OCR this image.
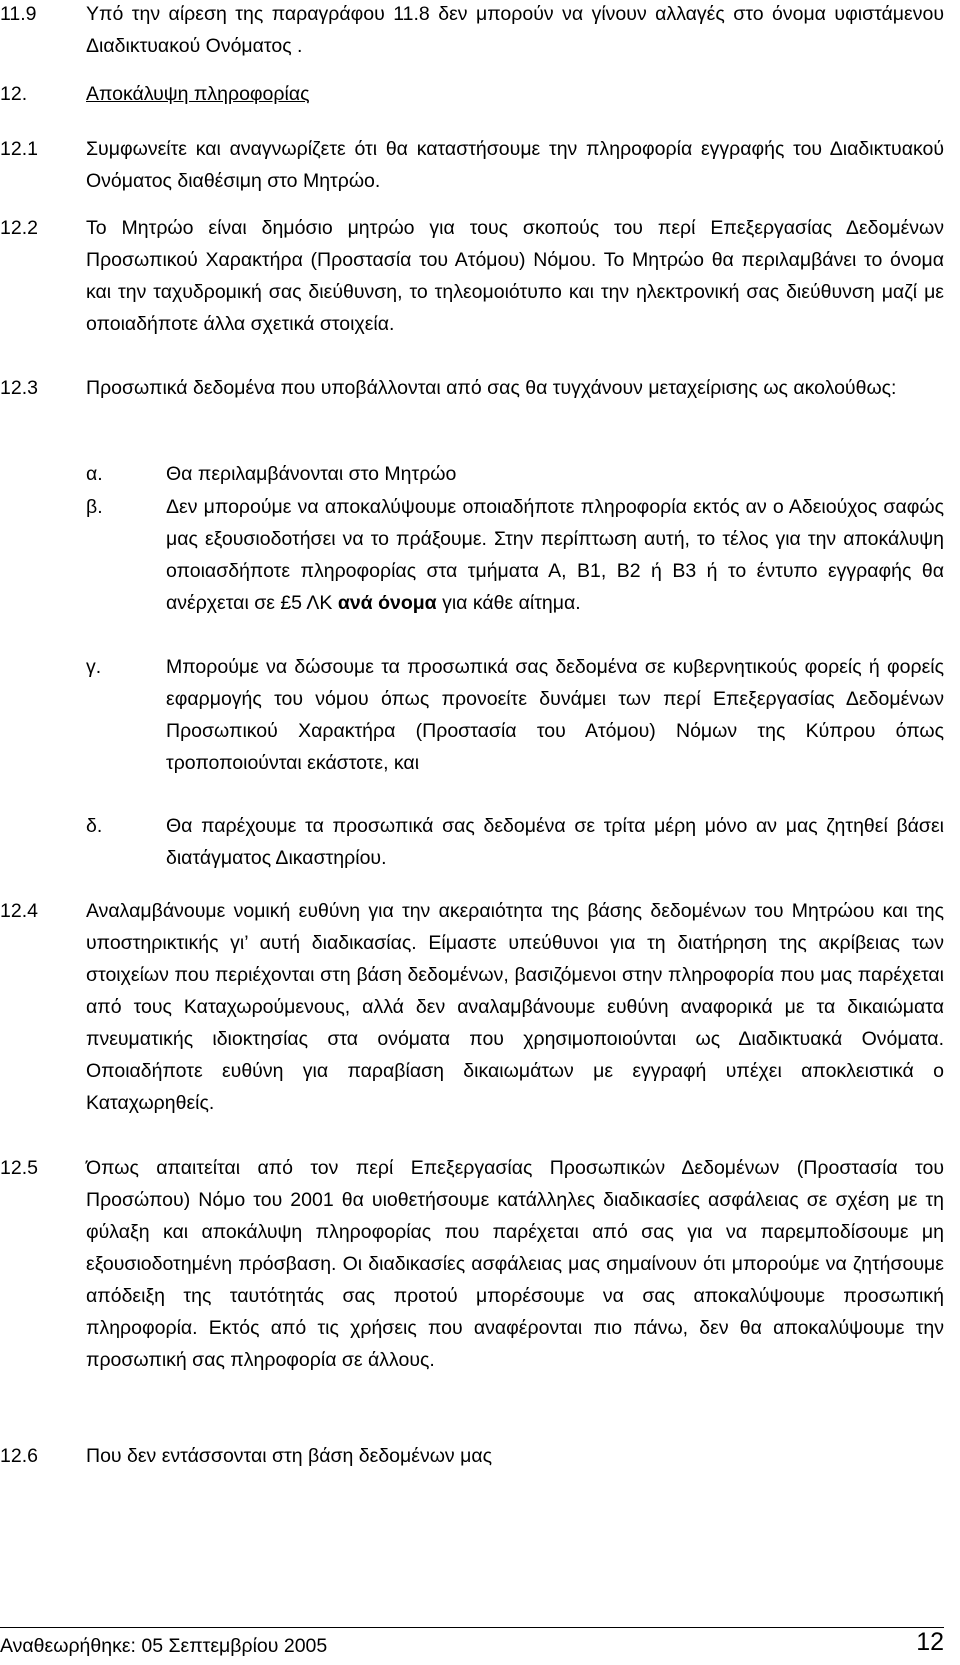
11.9	Υπό την αίρεση της παραγράφου 11.8 δεν μπορούν να γίνουν αλλαγές στο όνομα υφιστάμενου Διαδικτυακού Ονόματος .
12.	Αποκάλυψη πληροφορίας
12.1	Συμφωνείτε και αναγνωρίζετε ότι θα καταστήσουμε την πληροφορία εγγραφής του Διαδικτυακού Ονόματος διαθέσιμη στο Μητρώο.
12.2	Το Μητρώο είναι δημόσιο μητρώο για τους σκοπούς του περί Επεξεργασίας Δεδομένων Προσωπικού Χαρακτήρα (Προστασία του Ατόμου) Νόμου. Το Μητρώο θα περιλαμβάνει το όνομα και την ταχυδρομική σας διεύθυνση, το τηλεομοιότυπο και την ηλεκτρονική σας διεύθυνση μαζί με οποιαδήποτε άλλα σχετικά στοιχεία.
12.3	Προσωπικά δεδομένα που υποβάλλονται από σας θα τυγχάνουν μεταχείρισης ως ακολούθως:
α.	Θα περιλαμβάνονται στο Μητρώο
β.	Δεν μπορούμε να αποκαλύψουμε οποιαδήποτε πληροφορία εκτός αν ο Αδειούχος σαφώς μας εξουσιοδοτήσει να το πράξουμε. Στην περίπτωση αυτή, το τέλος για την αποκάλυψη οποιασδήποτε πληροφορίας στα τμήματα Α, Β1, Β2 ή Β3 ή το έντυπο εγγραφής θα ανέρχεται σε £5 ΛΚ ανά όνομα για κάθε αίτημα.
γ.	Μπορούμε να δώσουμε τα προσωπικά σας δεδομένα σε κυβερνητικούς φορείς ή φορείς εφαρμογής του νόμου όπως προνοείτε δυνάμει των περί Επεξεργασίας Δεδομένων Προσωπικού Χαρακτήρα (Προστασία του Ατόμου) Νόμων της Κύπρου όπως τροποποιούνται εκάστοτε, και
δ.	Θα παρέχουμε τα προσωπικά σας δεδομένα σε τρίτα μέρη μόνο αν μας ζητηθεί βάσει διατάγματος Δικαστηρίου.
12.4	Αναλαμβάνουμε νομική ευθύνη για την ακεραιότητα της βάσης δεδομένων του Μητρώου και της υποστηρικτικής γι’ αυτή διαδικασίας. Είμαστε υπεύθυνοι για τη διατήρηση της ακρίβειας των στοιχείων που περιέχονται στη βάση δεδομένων, βασιζόμενοι στην πληροφορία που μας παρέχεται από τους Καταχωρούμενους, αλλά δεν αναλαμβάνουμε ευθύνη αναφορικά με τα δικαιώματα πνευματικής ιδιοκτησίας στα ονόματα που χρησιμοποιούνται ως Διαδικτυακά Ονόματα. Οποιαδήποτε ευθύνη για παραβίαση δικαιωμάτων με εγγραφή υπέχει αποκλειστικά ο Καταχωρηθείς.
12.5	Όπως απαιτείται από τον περί Επεξεργασίας Προσωπικών Δεδομένων (Προστασία του Προσώπου) Νόμο του 2001 θα υιοθετήσουμε κατάλληλες διαδικασίες ασφάλειας σε σχέση με τη φύλαξη και αποκάλυψη πληροφορίας που παρέχεται από σας για να παρεμποδίσουμε μη εξουσιοδοτημένη πρόσβαση. Οι διαδικασίες ασφάλειας μας σημαίνουν ότι μπορούμε να ζητήσουμε απόδειξη της ταυτότητάς σας προτού μπορέσουμε να σας αποκαλύψουμε προσωπική πληροφορία. Εκτός από τις χρήσεις που αναφέρονται πιο πάνω, δεν θα αποκαλύψουμε την προσωπική σας πληροφορία σε άλλους.
12.6	Που δεν εντάσσονται στη βάση δεδομένων μας
Αναθεωρήθηκε: 05 Σεπτεμβρίου 2005	12
